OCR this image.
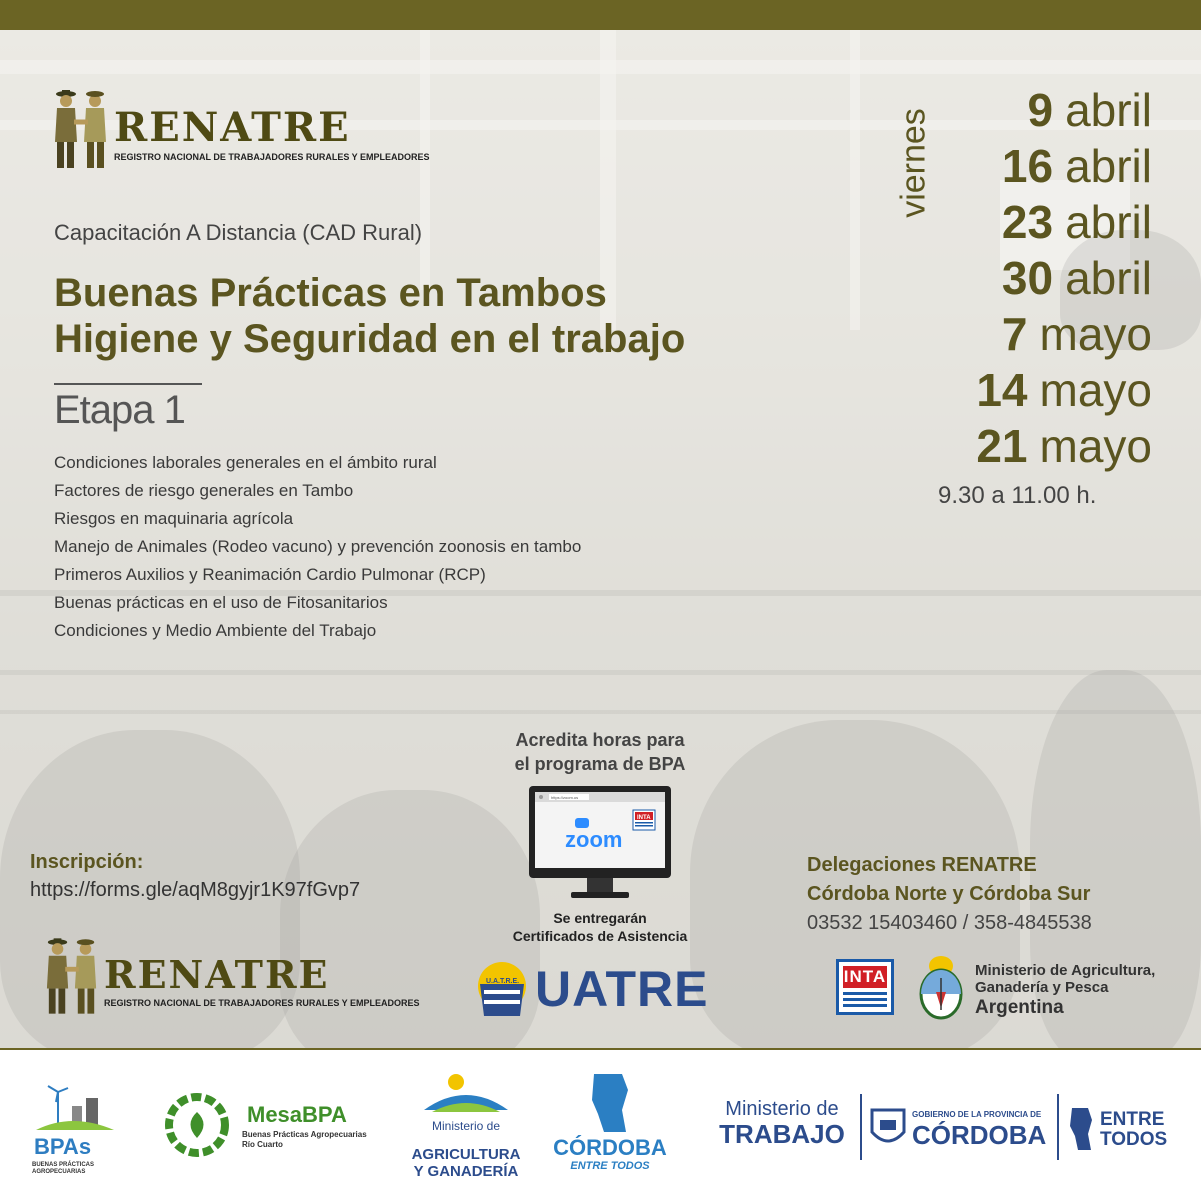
RENATRE
REGISTRO NACIONAL DE TRABAJADORES RURALES Y EMPLEADORES
Capacitación A Distancia (CAD Rural)
Buenas Prácticas en Tambos
Higiene y Seguridad en el trabajo
Etapa 1
Condiciones laborales generales en el ámbito rural
Factores de riesgo generales en Tambo
Riesgos en maquinaria agrícola
Manejo de Animales (Rodeo vacuno) y prevención zoonosis en tambo
Primeros Auxilios y Reanimación Cardio Pulmonar (RCP)
Buenas prácticas en el uso de Fitosanitarios
Condiciones y Medio Ambiente del Trabajo
viernes 9 abril
16 abril
23 abril
30 abril
7 mayo
14 mayo
21 mayo
9.30 a 11.00 h.
Acredita horas para
el programa de BPA
https://zoom.us
zoom
INTA
Se entregarán
Certificados de Asistencia
Inscripción:
https://forms.gle/aqM8gyjr1K97fGvp7
Delegaciones RENATRE
Córdoba Norte y Córdoba Sur
03532 15403460 / 358-4845538
RENATRE
REGISTRO NACIONAL DE TRABAJADORES RURALES Y EMPLEADORES
U.A.T.R.E. UATRE	INTA	Ministerio de Agricultura,
Ganadería y Pesca
Argentina
BPAs
BUENAS PRÁCTICAS
AGROPECUARIAS
MesaBPA
Buenas Prácticas Agropecuarias
Río Cuarto
Ministerio de
AGRICULTURA
Y GANADERÍA
CÓRDOBA
ENTRE TODOS
Ministerio de
TRABAJO
GOBIERNO DE LA PROVINCIA DE
CÓRDOBA
ENTRE
TODOS
